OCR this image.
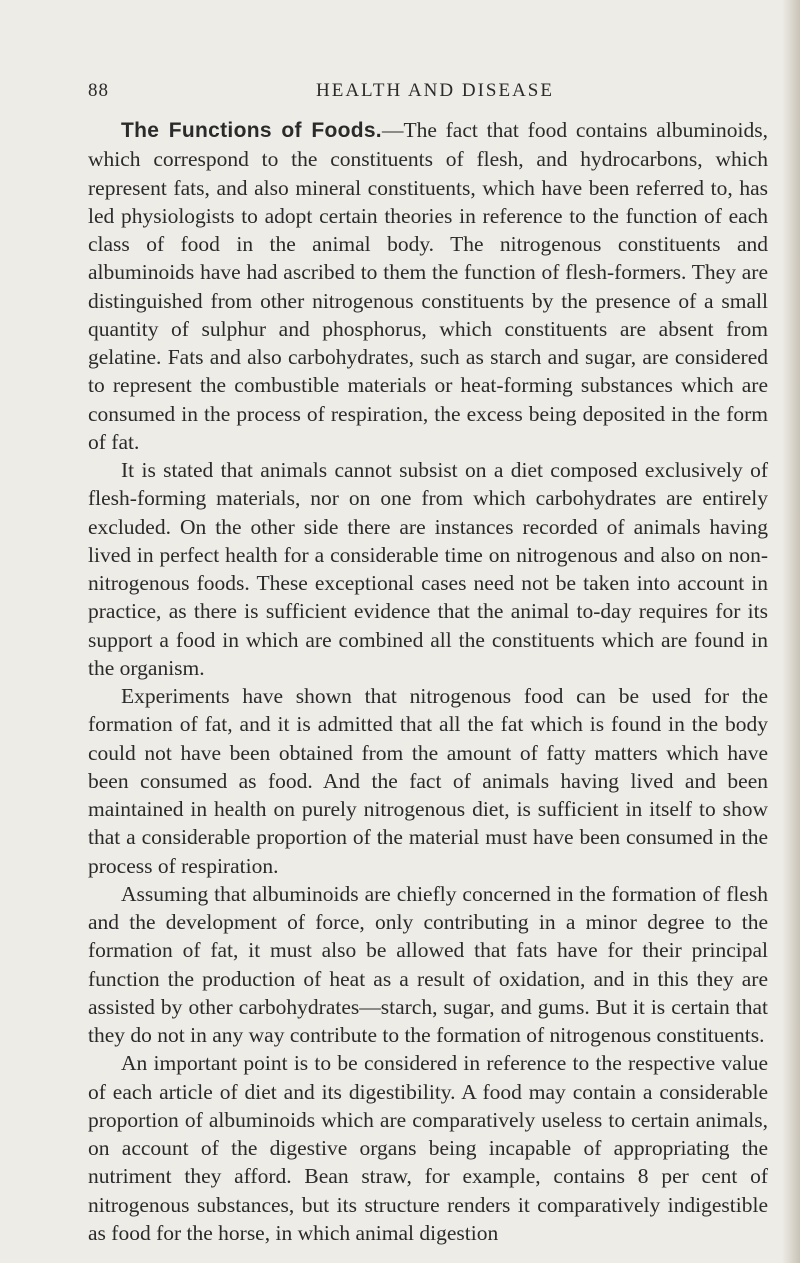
88	HEALTH AND DISEASE

The Functions of Foods.—The fact that food contains albuminoids, which correspond to the constituents of flesh, and hydrocarbons, which represent fats, and also mineral constituents, which have been referred to, has led physiologists to adopt certain theories in reference to the function of each class of food in the animal body. The nitrogenous constituents and albuminoids have had ascribed to them the function of flesh-formers. They are distinguished from other nitrogenous constituents by the presence of a small quantity of sulphur and phosphorus, which constituents are absent from gelatine. Fats and also carbohydrates, such as starch and sugar, are considered to represent the combustible materials or heat-forming substances which are consumed in the process of respiration, the excess being deposited in the form of fat.

It is stated that animals cannot subsist on a diet composed exclusively of flesh-forming materials, nor on one from which carbohydrates are entirely excluded. On the other side there are instances recorded of animals having lived in perfect health for a considerable time on nitrogenous and also on non-nitrogenous foods. These exceptional cases need not be taken into account in practice, as there is sufficient evidence that the animal to-day requires for its support a food in which are combined all the constituents which are found in the organism.

Experiments have shown that nitrogenous food can be used for the formation of fat, and it is admitted that all the fat which is found in the body could not have been obtained from the amount of fatty matters which have been consumed as food. And the fact of animals having lived and been maintained in health on purely nitrogenous diet, is sufficient in itself to show that a considerable proportion of the material must have been consumed in the process of respiration.

Assuming that albuminoids are chiefly concerned in the formation of flesh and the development of force, only contributing in a minor degree to the formation of fat, it must also be allowed that fats have for their principal function the production of heat as a result of oxidation, and in this they are assisted by other carbohydrates—starch, sugar, and gums. But it is certain that they do not in any way contribute to the formation of nitrogenous constituents.

An important point is to be considered in reference to the respective value of each article of diet and its digestibility. A food may contain a considerable proportion of albuminoids which are comparatively useless to certain animals, on account of the digestive organs being incapable of appropriating the nutriment they afford. Bean straw, for example, contains 8 per cent of nitrogenous substances, but its structure renders it comparatively indigestible as food for the horse, in which animal digestion
